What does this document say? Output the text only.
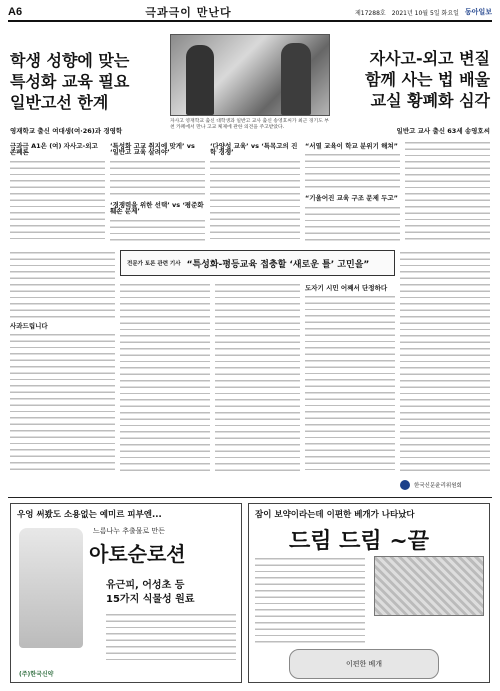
A6	극과극이 만난다	제17288호 2021년 10월 5일 화요일 동아일보
학생 성향에 맞는
특성화 교육 필요
일반고선 한계
영재학교 출신 여대생(여·26)과 경영학
자사고 영재학교 출신 대학생과 일반고 교사 출신 송영호씨가 최근 경기도 부천 카페에서 만나 고교 체제에 관한 의견을 주고받았다.
자사고-외고 변질
함께 사는 법 배울
교실 황폐화 심각
일반고 교사 출신 63세 송영호씨
극과극 A1은 (여) 자사고-외고 존폐론
‘특성화 고교 취지에 맞게’ vs ‘일반고 교육 살려야’
‘경쟁력을 위한 선택’ vs ‘평준화 훼손 문제’
‘다양성 교육’ vs ‘특목고의 진학 경쟁’
“서열 교육이 학교 분위기 해쳐”
“기울어진 교육 구조 문제 두고”
전문가 토론 관련 기사 “특성화-평등교육 접충할 ‘새로운 틀’ 고민을”
사과드립니다
도자기 시민 어째서 단정하다
한국신문윤리위원회
우엉 써봤도 소용없는 예미르 피부엔...
느름나누 추출물로 만든
아토순로션
유근피, 어성초 등
15가지 식물성 원료
(주)한국신약
잠이 보약이라는데 이편한 베개가 나타났다
드림 드림 ~끝
이편한 베개
